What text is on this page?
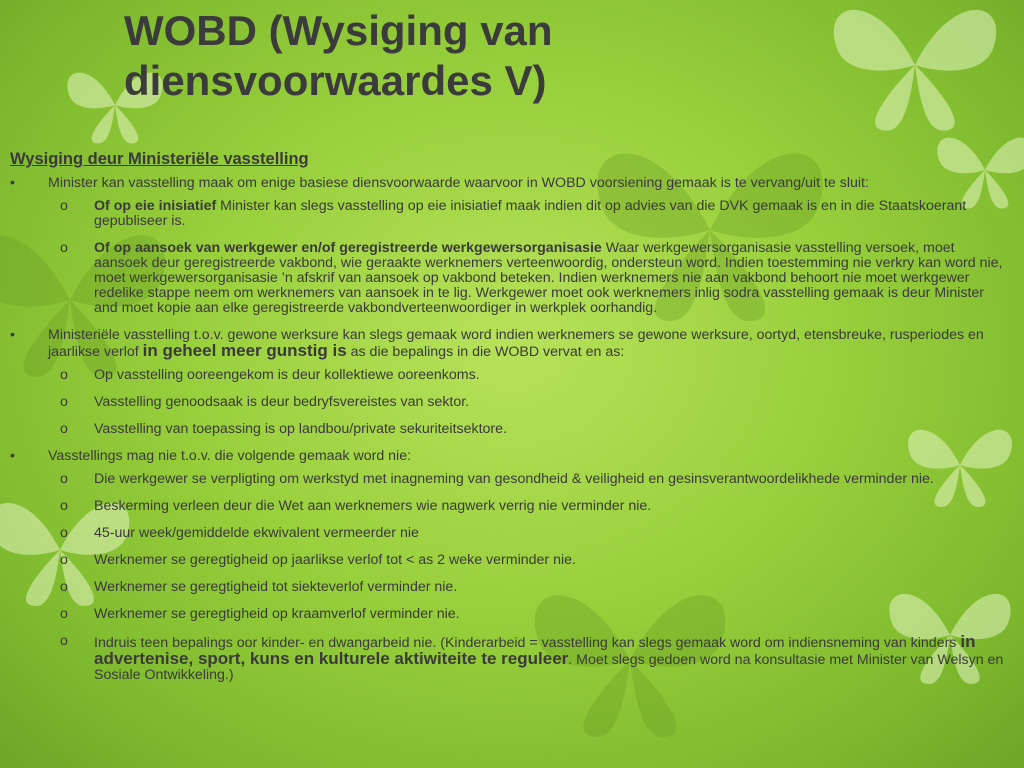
WOBD (Wysiging van diensvoorwaardes V)

Wysiging deur Ministeriële vasstelling

•	Minister kan vasstelling maak om enige basiese diensvoorwaarde waarvoor in WOBD voorsiening gemaak is te vervang/uit te sluit:
o Of op eie inisiatief Minister kan slegs vasstelling op eie inisiatief maak indien dit op advies van die DVK gemaak is en in die Staatskoerant gepubliseer is.
o Of op aansoek van werkgewer en/of geregistreerde werkgewersorganisasie Waar werkgewersorganisasie vasstelling versoek, moet aansoek deur geregistreerde vakbond, wie geraakte werknemers verteenwoordig, ondersteun word. Indien toestemming nie verkry kan word nie, moet werkgewersorganisasie ’n afskrif van aansoek op vakbond beteken. Indien werknemers nie aan vakbond behoort nie moet werkgewer redelike stappe neem om werknemers van aansoek in te lig. Werkgewer moet ook werknemers inlig sodra vasstelling gemaak is deur Minister and moet kopie aan elke geregistreerde vakbondverteenwoordiger in werkplek oorhandig.
•	Ministeriële vasstelling t.o.v. gewone werksure kan slegs gemaak word indien werknemers se gewone werksure, oortyd, etensbreuke, rusperiodes en jaarlikse verlof in geheel meer gunstig is as die bepalings in die WOBD vervat en as:
o Op vasstelling ooreengekom is deur kollektiewe ooreenkoms.
o Vasstelling genoodsaak is deur bedryfsvereistes van sektor.
o Vasstelling van toepassing is op landbou/private sekuriteitsektore.
•	Vasstellings mag nie t.o.v. die volgende gemaak word nie:
o Die werkgewer se verpligting om werkstyd met inagneming van gesondheid & veiligheid en gesinsverantwoordelikhede verminder nie.
o Beskerming verleen deur die Wet aan werknemers wie nagwerk verrig nie verminder nie.
o 45-uur week/gemiddelde ekwivalent vermeerder nie
o Werknemer se geregtigheid op jaarlikse verlof tot < as 2 weke verminder nie.
o Werknemer se geregtigheid tot siekteverlof verminder nie.
o Werknemer se geregtigheid op kraamverlof verminder nie.
o Indruis teen bepalings oor kinder- en dwangarbeid nie. (Kinderarbeid = vasstelling kan slegs gemaak word om indiensneming van kinders in advertenise, sport, kuns en kulturele aktiwiteite te reguleer. Moet slegs gedoen word na konsultasie met Minister van Welsyn en Sosiale Ontwikkeling.)
